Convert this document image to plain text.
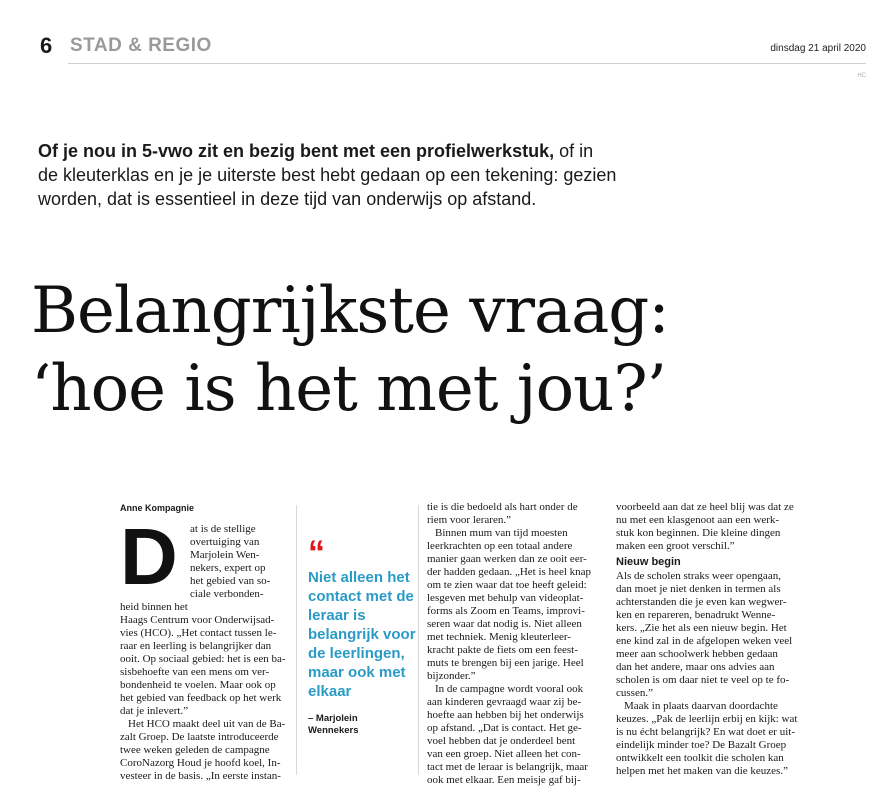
6 STAD & REGIO	dinsdag 21 april 2020
HC
Of je nou in 5-vwo zit en bezig bent met een profielwerkstuk, of in
de kleuterklas en je je uiterste best hebt gedaan op een tekening: gezien
worden, dat is essentieel in deze tijd van onderwijs op afstand.
Belangrijkste vraag:
‘hoe is het met jou?’
Anne Kompagnie
D	at is de stellige
overtuiging van
Marjolein Wen-
nekers, expert op
het gebied van so-
ciale verbonden-
heid binnen het
Haags Centrum voor Onderwijsad-
vies (HCO). „Het contact tussen le-
raar en leerling is belangrijker dan
ooit. Op sociaal gebied: het is een ba-
sisbehoefte van een mens om ver-
bondenheid te voelen. Maar ook op
het gebied van feedback op het werk
dat je inlevert.”
Het HCO maakt deel uit van de Ba-
zalt Groep. De laatste introduceerde
twee weken geleden de campagne
CoroNazorg Houd je hoofd koel, In-
vesteer in de basis. „In eerste instan-
“
Niet alleen het contact met de leraar is belangrijk voor de leerlingen, maar ook met elkaar
– Marjolein
Wennekers
tie is die bedoeld als hart onder de
riem voor leraren.”
Binnen mum van tijd moesten
leerkrachten op een totaal andere
manier gaan werken dan ze ooit eer-
der hadden gedaan. „Het is heel knap
om te zien waar dat toe heeft geleid:
lesgeven met behulp van videoplat-
forms als Zoom en Teams, improvi-
seren waar dat nodig is. Niet alleen
met techniek. Menig kleuterleer-
kracht pakte de fiets om een feest-
muts te brengen bij een jarige. Heel
bijzonder.”
In de campagne wordt vooral ook
aan kinderen gevraagd waar zij be-
hoefte aan hebben bij het onderwijs
op afstand. „Dat is contact. Het ge-
voel hebben dat je onderdeel bent
van een groep. Niet alleen het con-
tact met de leraar is belangrijk, maar
ook met elkaar. Een meisje gaf bij-
voorbeeld aan dat ze heel blij was dat ze
nu met een klasgenoot aan een werk-
stuk kon beginnen. Die kleine dingen
maken een groot verschil.”
Nieuw begin
Als de scholen straks weer opengaan,
dan moet je niet denken in termen als
achterstanden die je even kan wegwer-
ken en repareren, benadrukt Wenne-
kers. „Zie het als een nieuw begin. Het
ene kind zal in de afgelopen weken veel
meer aan schoolwerk hebben gedaan
dan het andere, maar ons advies aan
scholen is om daar niet te veel op te fo-
cussen.”
Maak in plaats daarvan doordachte
keuzes. „Pak de leerlijn erbij en kijk: wat
is nu écht belangrijk? En wat doet er uit-
eindelijk minder toe? De Bazalt Groep
ontwikkelt een toolkit die scholen kan
helpen met het maken van die keuzes.”
